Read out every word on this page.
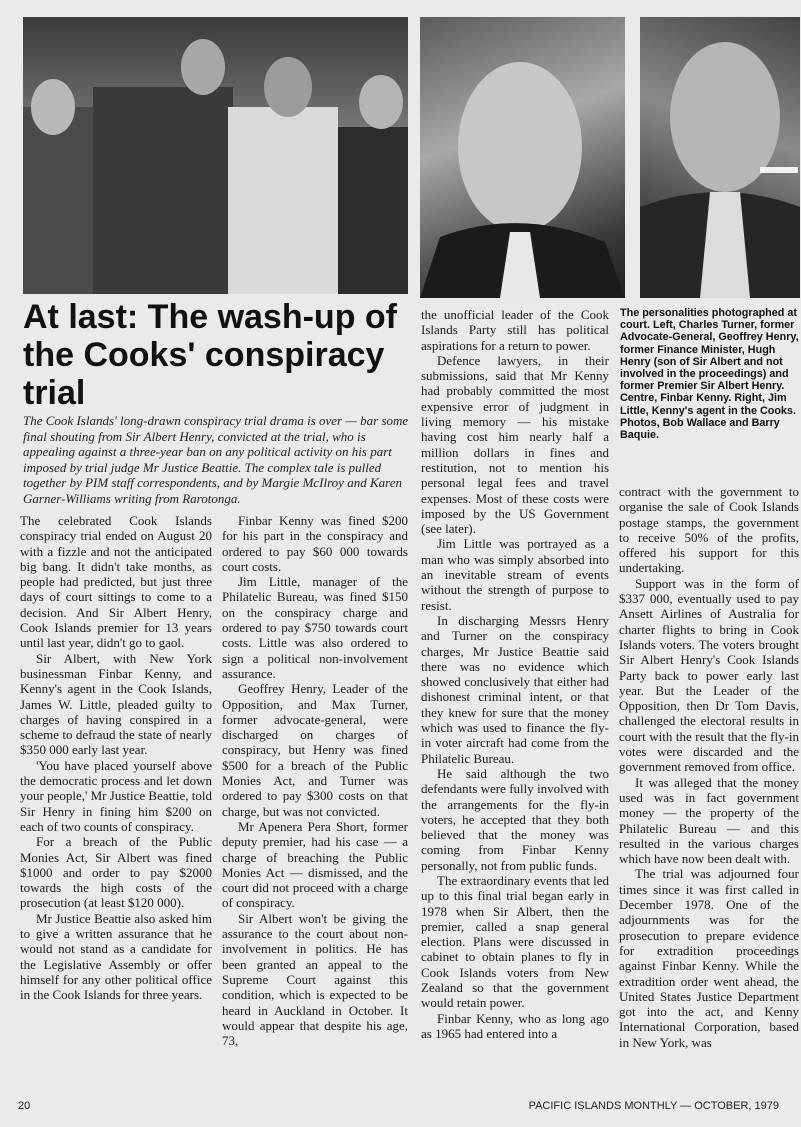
At last: The wash-up of the Cooks' conspiracy trial

The Cook Islands' long-drawn conspiracy trial drama is over — bar some final shouting from Sir Albert Henry, convicted at the trial, who is appealing against a three-year ban on any political activity on his part imposed by trial judge Mr Justice Beattie. The complex tale is pulled together by PIM staff correspondents, and by Margie McIlroy and Karen Garner-Williams writing from Rarotonga.

The personalities photographed at court. Left, Charles Turner, former Advocate-General, Geoffrey Henry, former Finance Minister, Hugh Henry (son of Sir Albert and not involved in the proceedings) and former Premier Sir Albert Henry. Centre, Finbar Kenny. Right, Jim Little, Kenny's agent in the Cooks. Photos, Bob Wallace and Barry Baquie.

The celebrated Cook Islands conspiracy trial ended on August 20 with a fizzle and not the anticipated big bang. It didn't take months, as people had predicted, but just three days of court sittings to come to a decision. And Sir Albert Henry, Cook Islands premier for 13 years until last year, didn't go to gaol.

Sir Albert, with New York businessman Finbar Kenny, and Kenny's agent in the Cook Islands, James W. Little, pleaded guilty to charges of having conspired in a scheme to defraud the state of nearly $350 000 early last year.

'You have placed yourself above the democratic process and let down your people,' Mr Justice Beattie, told Sir Henry in fining him $200 on each of two counts of conspiracy.

For a breach of the Public Monies Act, Sir Albert was fined $1000 and order to pay $2000 towards the high costs of the prosecution (at least $120 000).

Mr Justice Beattie also asked him to give a written assurance that he would not stand as a candidate for the Legislative Assembly or offer himself for any other political office in the Cook Islands for three years.

Finbar Kenny was fined $200 for his part in the conspiracy and ordered to pay $60 000 towards court costs.

Jim Little, manager of the Philatelic Bureau, was fined $150 on the conspiracy charge and ordered to pay $750 towards court costs. Little was also ordered to sign a political non-involvement assurance.

Geoffrey Henry, Leader of the Opposition, and Max Turner, former advocate-general, were discharged on charges of conspiracy, but Henry was fined $500 for a breach of the Public Monies Act, and Turner was ordered to pay $300 costs on that charge, but was not convicted.

Mr Apenera Pera Short, former deputy premier, had his case — a charge of breaching the Public Monies Act — dismissed, and the court did not proceed with a charge of conspiracy.

Sir Albert won't be giving the assurance to the court about non-involvement in politics. He has been granted an appeal to the Supreme Court against this condition, which is expected to be heard in Auckland in October. It would appear that despite his age, 73,

the unofficial leader of the Cook Islands Party still has political aspirations for a return to power.

Defence lawyers, in their submissions, said that Mr Kenny had probably committed the most expensive error of judgment in living memory — his mistake having cost him nearly half a million dollars in fines and restitution, not to mention his personal legal fees and travel expenses. Most of these costs were imposed by the US Government (see later).

Jim Little was portrayed as a man who was simply absorbed into an inevitable stream of events without the strength of purpose to resist.

In discharging Messrs Henry and Turner on the conspiracy charges, Mr Justice Beattie said there was no evidence which showed conclusively that either had dishonest criminal intent, or that they knew for sure that the money which was used to finance the fly-in voter aircraft had come from the Philatelic Bureau.

He said although the two defendants were fully involved with the arrangements for the fly-in voters, he accepted that they both believed that the money was coming from Finbar Kenny personally, not from public funds.

The extraordinary events that led up to this final trial began early in 1978 when Sir Albert, then the premier, called a snap general election. Plans were discussed in cabinet to obtain planes to fly in Cook Islands voters from New Zealand so that the government would retain power.

Finbar Kenny, who as long ago as 1965 had entered into a

contract with the government to organise the sale of Cook Islands postage stamps, the government to receive 50% of the profits, offered his support for this undertaking.

Support was in the form of $337 000, eventually used to pay Ansett Airlines of Australia for charter flights to bring in Cook Islands voters. The voters brought Sir Albert Henry's Cook Islands Party back to power early last year. But the Leader of the Opposition, then Dr Tom Davis, challenged the electoral results in court with the result that the fly-in votes were discarded and the government removed from office.

It was alleged that the money used was in fact government money — the property of the Philatelic Bureau — and this resulted in the various charges which have now been dealt with.

The trial was adjourned four times since it was first called in December 1978. One of the adjournments was for the prosecution to prepare evidence for extradition proceedings against Finbar Kenny. While the extradition order went ahead, the United States Justice Department got into the act, and Kenny International Corporation, based in New York, was

20	PACIFIC ISLANDS MONTHLY — OCTOBER, 1979
